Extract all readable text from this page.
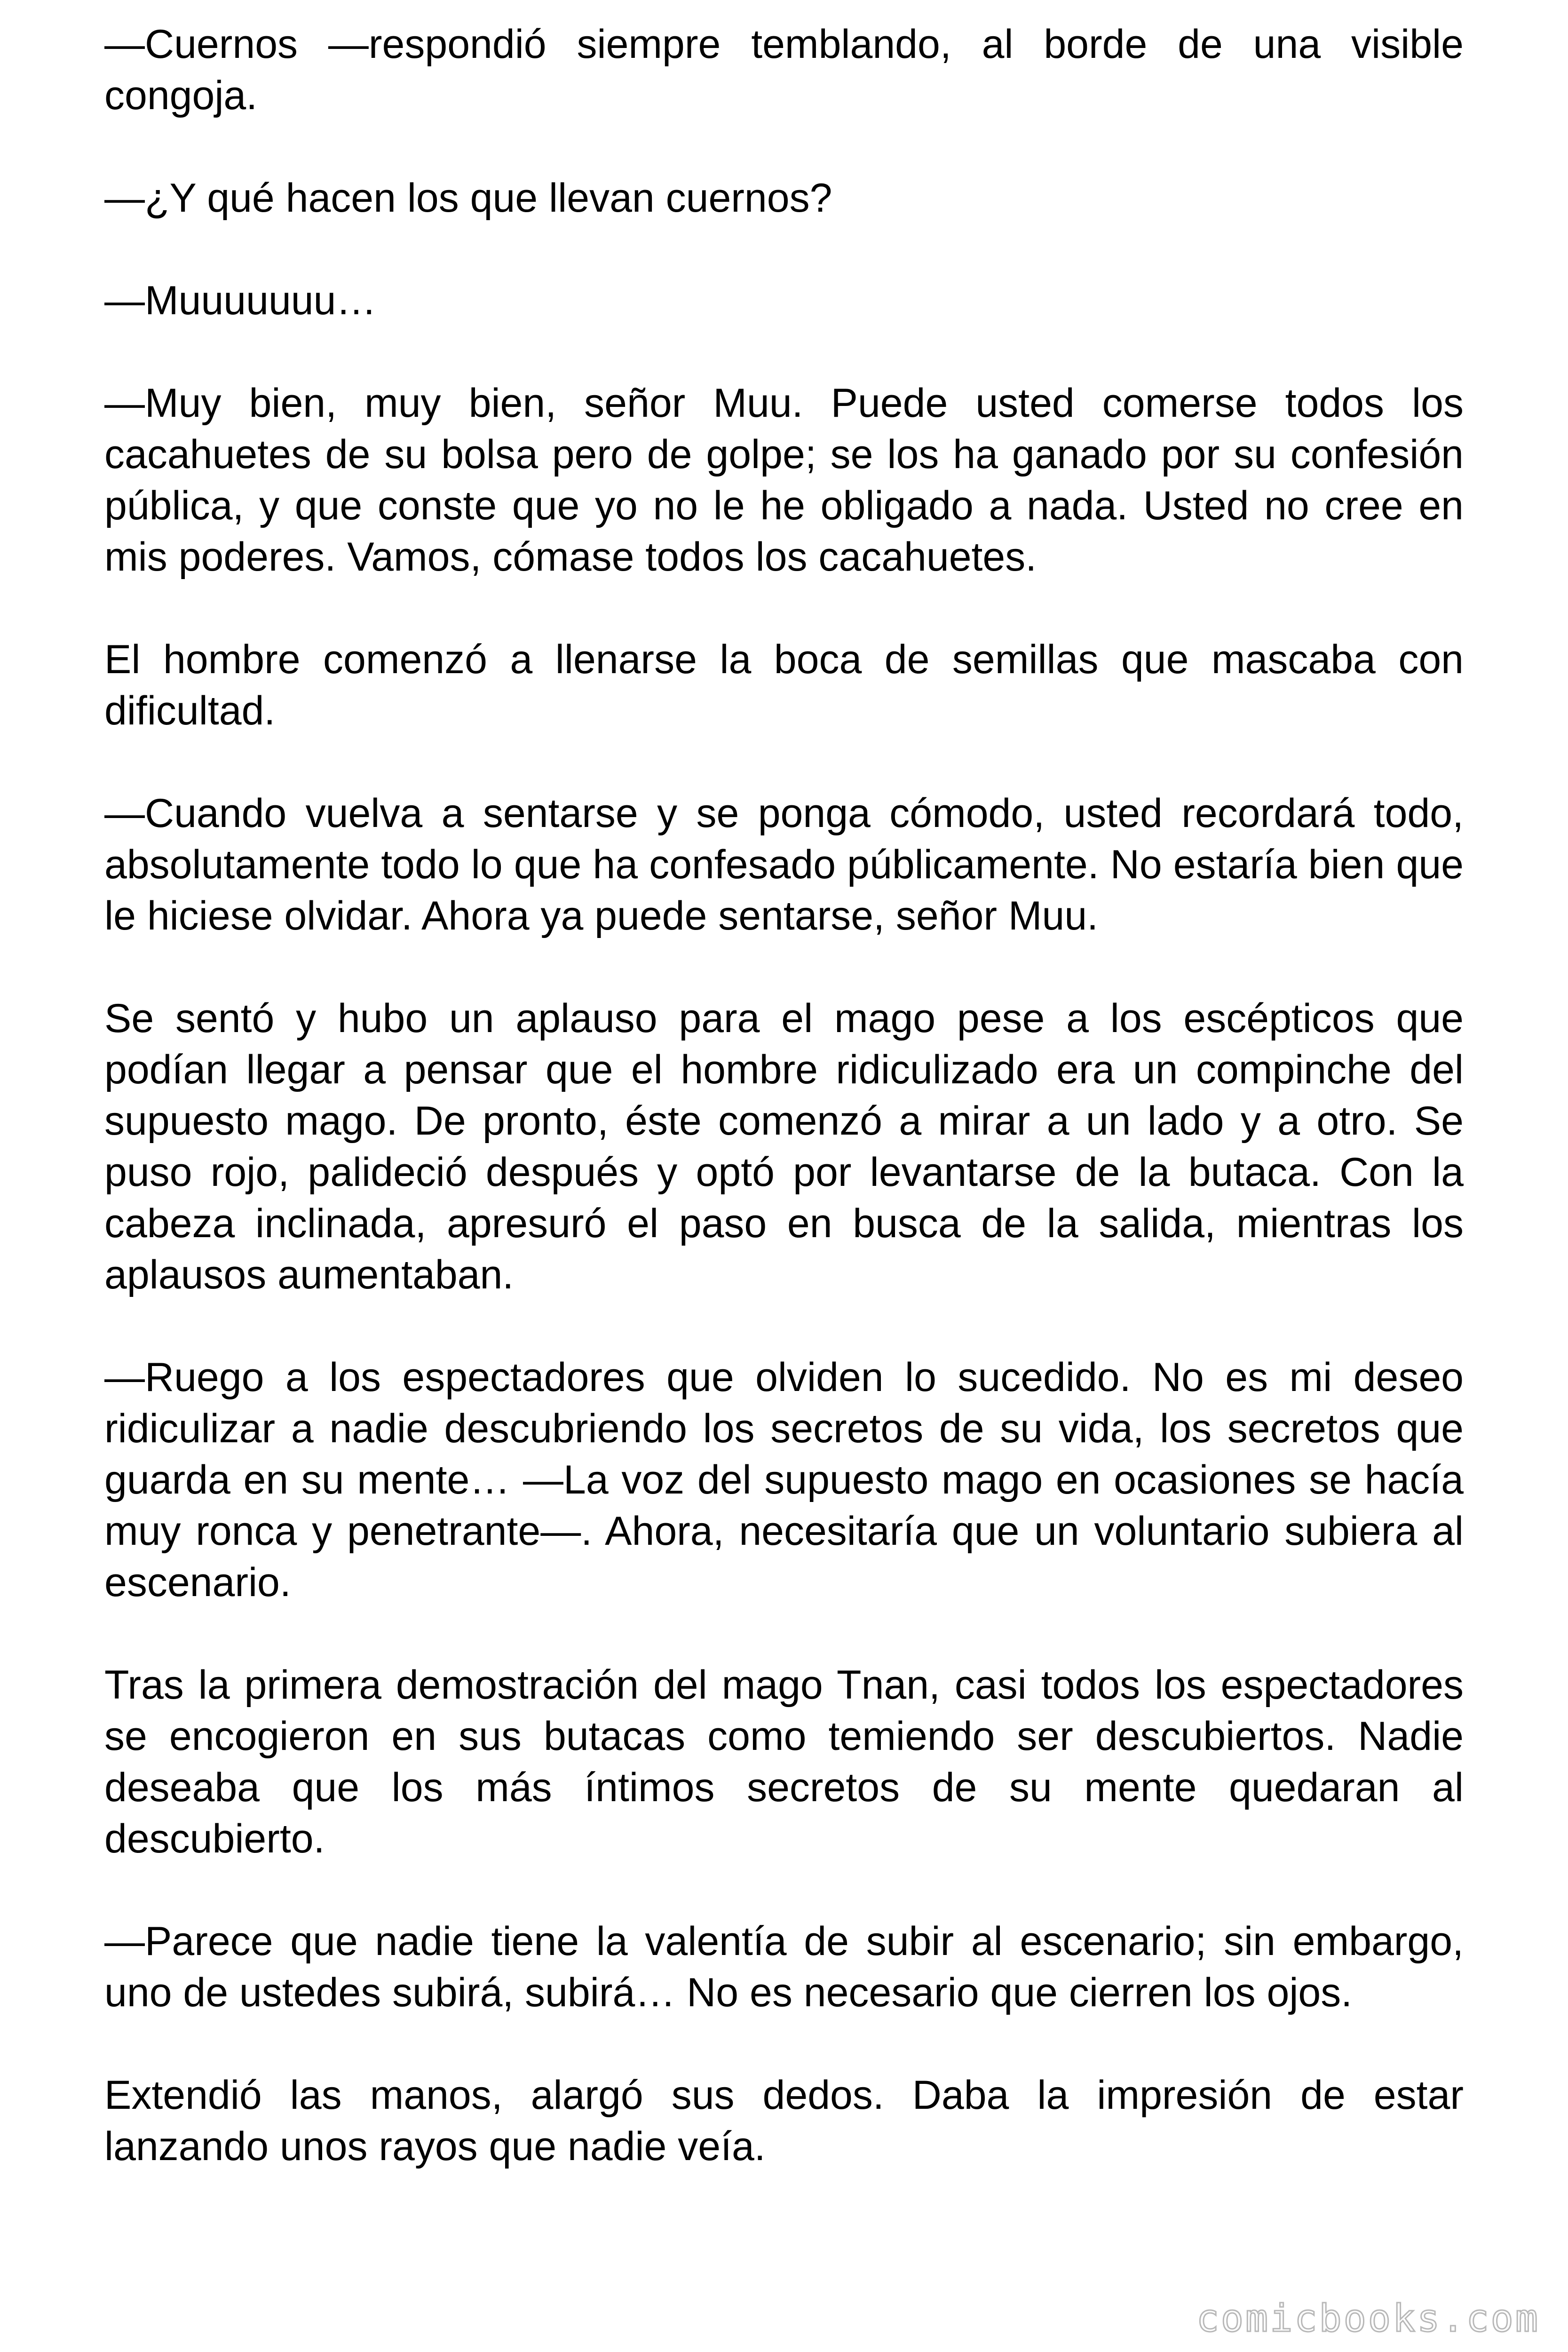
—Cuernos —respondió siempre temblando, al borde de una visible congoja.

—¿Y qué hacen los que llevan cuernos?

—Muuuuuuu…

—Muy bien, muy bien, señor Muu. Puede usted comerse todos los cacahuetes de su bolsa pero de golpe; se los ha ganado por su confesión pública, y que conste que yo no le he obligado a nada. Usted no cree en mis poderes. Vamos, cómase todos los cacahuetes.

El hombre comenzó a llenarse la boca de semillas que mascaba con dificultad.

—Cuando vuelva a sentarse y se ponga cómodo, usted recordará todo, absolutamente todo lo que ha confesado públicamente. No estaría bien que le hiciese olvidar. Ahora ya puede sentarse, señor Muu.

Se sentó y hubo un aplauso para el mago pese a los escépticos que podían llegar a pensar que el hombre ridiculizado era un compinche del supuesto mago. De pronto, éste comenzó a mirar a un lado y a otro. Se puso rojo, palideció después y optó por levantarse de la butaca. Con la cabeza inclinada, apresuró el paso en busca de la salida, mientras los aplausos aumentaban.

—Ruego a los espectadores que olviden lo sucedido. No es mi deseo ridiculizar a nadie descubriendo los secretos de su vida, los secretos que guarda en su mente… —La voz del supuesto mago en ocasiones se hacía muy ronca y penetrante—. Ahora, necesitaría que un voluntario subiera al escenario.

Tras la primera demostración del mago Tnan, casi todos los espectadores se encogieron en sus butacas como temiendo ser descubiertos. Nadie deseaba que los más íntimos secretos de su mente quedaran al descubierto.

—Parece que nadie tiene la valentía de subir al escenario; sin embargo, uno de ustedes subirá, subirá… No es necesario que cierren los ojos.

Extendió las manos, alargó sus dedos. Daba la impresión de estar lanzando unos rayos que nadie veía.

comicbooks.com
